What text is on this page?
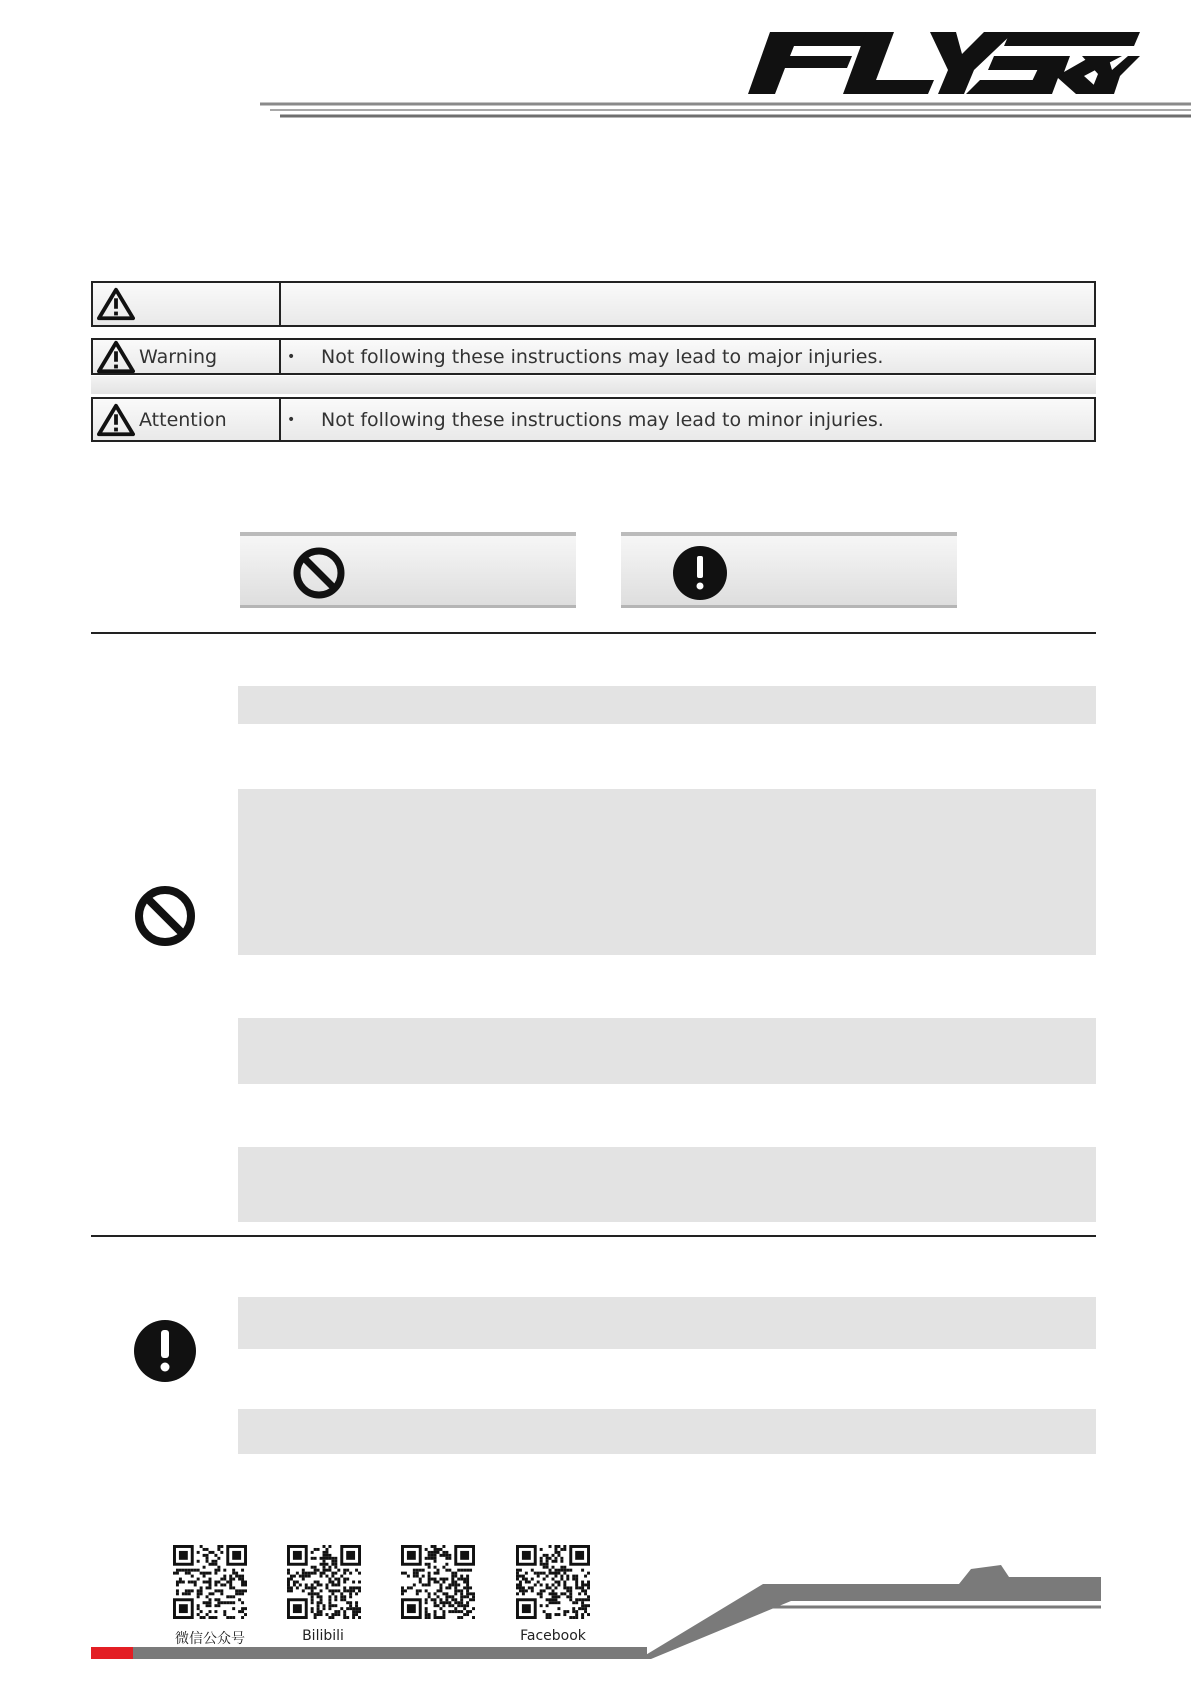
Warning	•	Not following these instructions may lead to major injuries.
Attention	•	Not following these instructions may lead to minor injuries.
微信公众号	Bilibili	Facebook
